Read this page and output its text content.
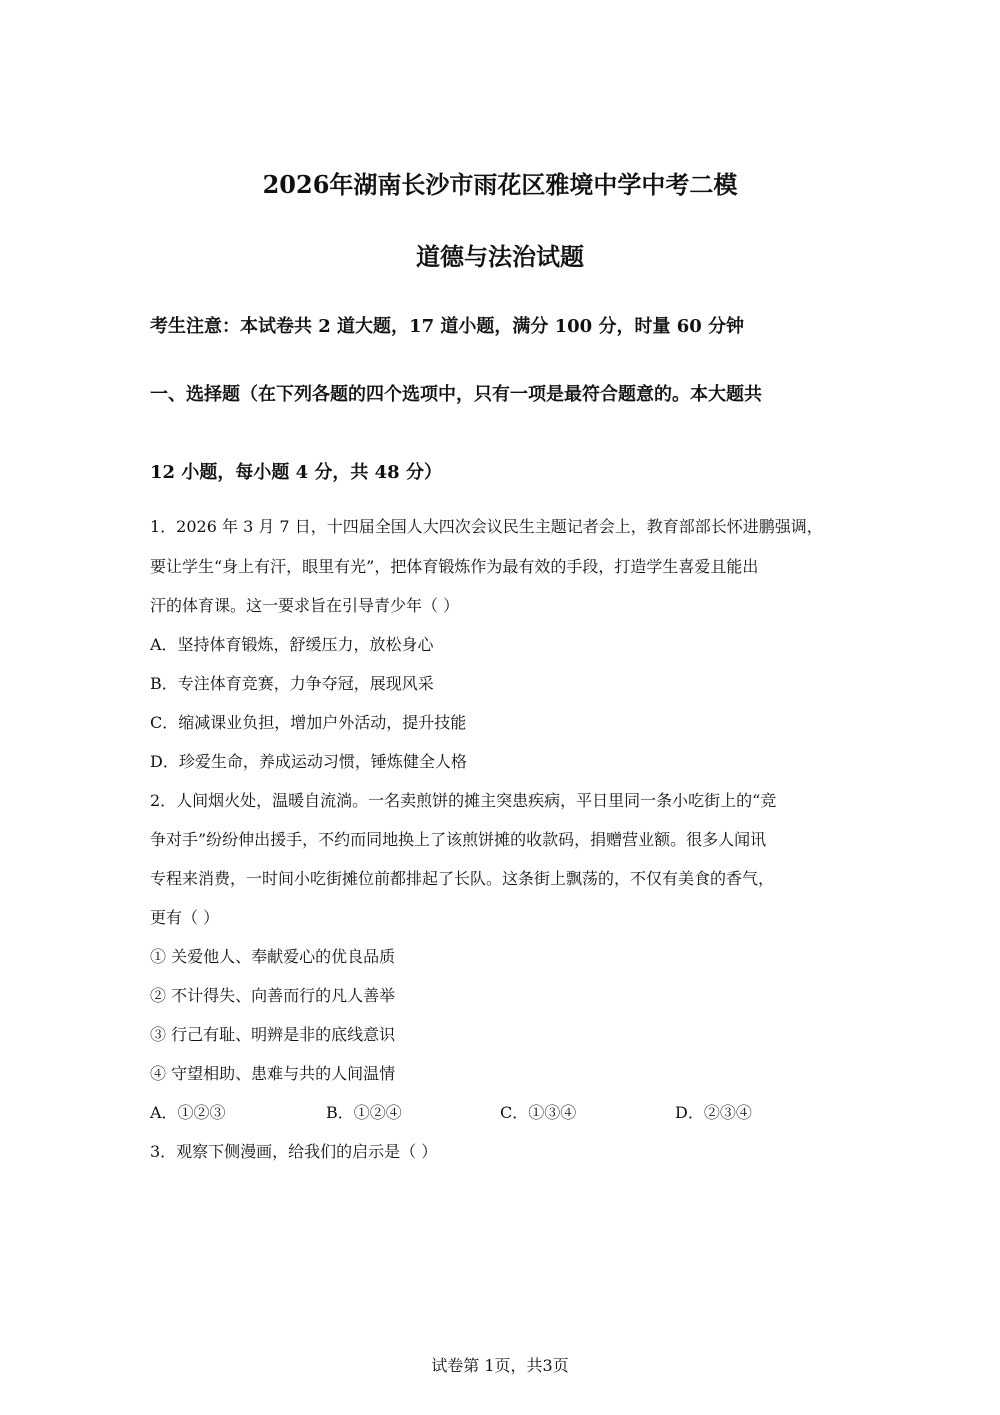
2026年湖南长沙市雨花区雅境中学中考二模
道德与法治试题
考生注意：本试卷共 2 道大题，17 道小题，满分 100 分，时量 60 分钟
一、选择题（在下列各题的四个选项中，只有一项是最符合题意的。本大题共
12 小题，每小题 4 分，共 48 分）
1．2026 年 3 月 7 日，十四届全国人大四次会议民生主题记者会上，教育部部长怀进鹏强调，
要让学生“身上有汗，眼里有光”，把体育锻炼作为最有效的手段，打造学生喜爱且能出
汗的体育课。这一要求旨在引导青少年（ ）
A．坚持体育锻炼，舒缓压力，放松身心
B．专注体育竞赛，力争夺冠，展现风采
C．缩减课业负担，增加户外活动，提升技能
D．珍爱生命，养成运动习惯，锤炼健全人格
2．人间烟火处，温暖自流淌。一名卖煎饼的摊主突患疾病，平日里同一条小吃街上的“竞
争对手”纷纷伸出援手，不约而同地换上了该煎饼摊的收款码，捐赠营业额。很多人闻讯
专程来消费，一时间小吃街摊位前都排起了长队。这条街上飘荡的，不仅有美食的香气，
更有（ ）
① 关爱他人、奉献爱心的优良品质
② 不计得失、向善而行的凡人善举
③ 行己有耻、明辨是非的底线意识
④ 守望相助、患难与共的人间温情
A．①②③	B．①②④	C．①③④	D．②③④
3．观察下侧漫画，给我们的启示是（ ）
试卷第 1页，共3页
